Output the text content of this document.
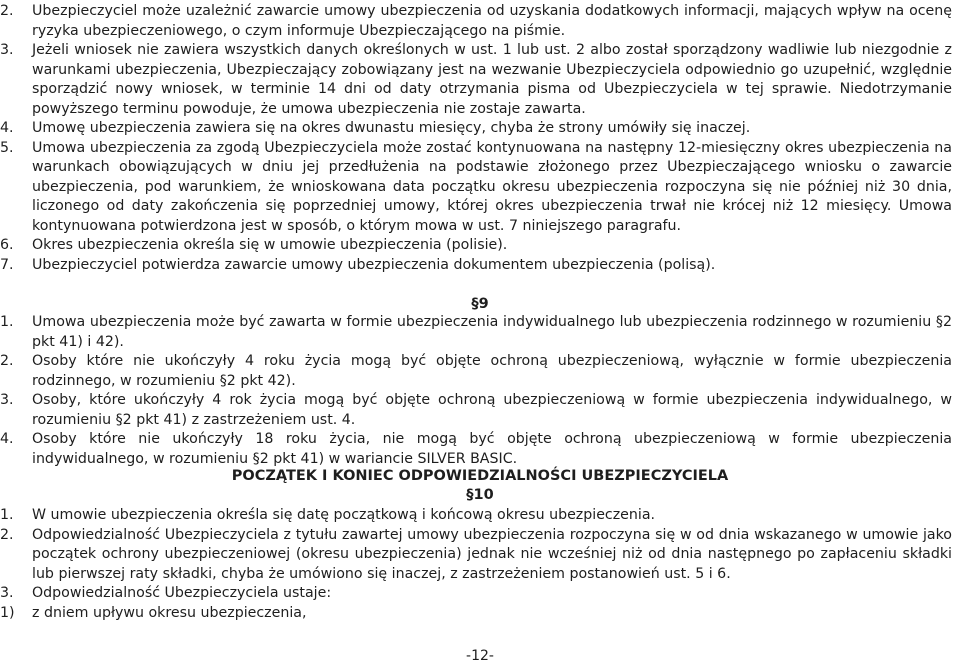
2. Ubezpieczyciel może uzależnić zawarcie umowy ubezpieczenia od uzyskania dodatkowych informacji, mających wpływ na ocenę ryzyka ubezpieczeniowego, o czym informuje Ubezpieczającego na piśmie.
3. Jeżeli wniosek nie zawiera wszystkich danych określonych w ust. 1 lub ust. 2 albo został sporządzony wadliwie lub niezgodnie z warunkami ubezpieczenia, Ubezpieczający zobowiązany jest na wezwanie Ubezpieczyciela odpowiednio go uzupełnić, względnie sporządzić nowy wniosek, w terminie 14 dni od daty otrzymania pisma od Ubezpieczyciela w tej sprawie. Niedotrzymanie powyższego terminu powoduje, że umowa ubezpieczenia nie zostaje zawarta.
4. Umowę ubezpieczenia zawiera się na okres dwunastu miesięcy, chyba że strony umówiły się inaczej.
5. Umowa ubezpieczenia za zgodą Ubezpieczyciela może zostać kontynuowana na następny 12-miesięczny okres ubezpieczenia na warunkach obowiązujących w dniu jej przedłużenia na podstawie złożonego przez Ubezpieczającego wniosku o zawarcie ubezpieczenia, pod warunkiem, że wnioskowana data początku okresu ubezpieczenia rozpoczyna się nie później niż 30 dnia, liczonego od daty zakończenia się poprzedniej umowy, której okres ubezpieczenia trwał nie krócej niż 12 miesięcy. Umowa kontynuowana potwierdzona jest w sposób, o którym mowa w ust. 7 niniejszego paragrafu.
6. Okres ubezpieczenia określa się w umowie ubezpieczenia (polisie).
7. Ubezpieczyciel potwierdza zawarcie umowy ubezpieczenia dokumentem ubezpieczenia (polisą).
§9
1. Umowa ubezpieczenia może być zawarta w formie ubezpieczenia indywidualnego lub ubezpieczenia rodzinnego w rozumieniu §2 pkt 41) i 42).
2. Osoby które nie ukończyły 4 roku życia mogą być objęte ochroną ubezpieczeniową, wyłącznie w formie ubezpieczenia rodzinnego, w rozumieniu §2 pkt 42).
3. Osoby, które ukończyły 4 rok życia mogą być objęte ochroną ubezpieczeniową w formie ubezpieczenia indywidualnego, w rozumieniu §2 pkt 41) z zastrzeżeniem ust. 4.
4. Osoby które nie ukończyły 18 roku życia, nie mogą być objęte ochroną ubezpieczeniową w formie ubezpieczenia indywidualnego, w rozumieniu §2 pkt 41) w wariancie SILVER BASIC.
POCZĄTEK I KONIEC ODPOWIEDZIALNOŚCI UBEZPIECZYCIELA
§10
1. W umowie ubezpieczenia określa się datę początkową i końcową okresu ubezpieczenia.
2. Odpowiedzialność Ubezpieczyciela z tytułu zawartej umowy ubezpieczenia rozpoczyna się w od dnia wskazanego w umowie jako początek ochrony ubezpieczeniowej (okresu ubezpieczenia) jednak nie wcześniej niż od dnia następnego po zapłaceniu składki lub pierwszej raty składki, chyba że umówiono się inaczej, z zastrzeżeniem postanowień ust. 5 i 6.
3. Odpowiedzialność Ubezpieczyciela ustaje:
1) z dniem upływu okresu ubezpieczenia,
-12-
